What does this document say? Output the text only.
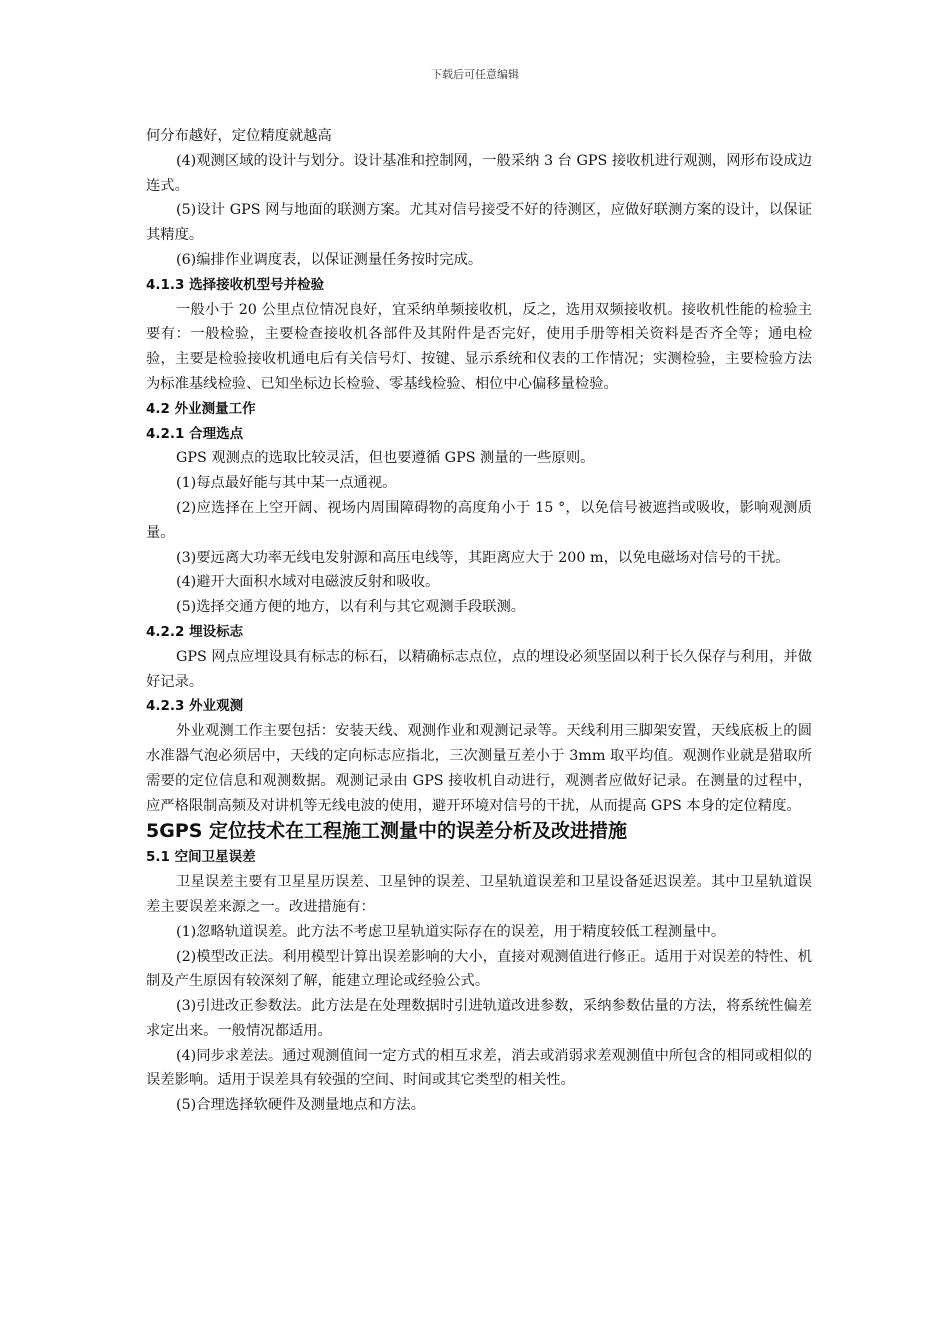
下载后可任意编辑

何分布越好，定位精度就越高

(4)观测区域的设计与划分。设计基准和控制网，一般采纳 3 台 GPS 接收机进行观测，网形布设成边连式。

(5)设计 GPS 网与地面的联测方案。尤其对信号接受不好的待测区，应做好联测方案的设计，以保证其精度。

(6)编排作业调度表，以保证测量任务按时完成。

4.1.3 选择接收机型号并检验

一般小于 20 公里点位情况良好，宜采纳单频接收机，反之，选用双频接收机。接收机性能的检验主要有：一般检验，主要检查接收机各部件及其附件是否完好，使用手册等相关资料是否齐全等；通电检验，主要是检验接收机通电后有关信号灯、按键、显示系统和仪表的工作情况；实测检验，主要检验方法为标准基线检验、已知坐标边长检验、零基线检验、相位中心偏移量检验。

4.2 外业测量工作

4.2.1 合理选点

GPS 观测点的选取比较灵活，但也要遵循 GPS 测量的一些原则。

(1)每点最好能与其中某一点通视。

(2)应选择在上空开阔、视场内周围障碍物的高度角小于 15 °，以免信号被遮挡或吸收，影响观测质量。

(3)要远离大功率无线电发射源和高压电线等，其距离应大于 200 m，以免电磁场对信号的干扰。

(4)避开大面积水域对电磁波反射和吸收。

(5)选择交通方便的地方，以有利与其它观测手段联测。

4.2.2 埋设标志

GPS 网点应埋设具有标志的标石，以精确标志点位，点的埋设必须坚固以利于长久保存与利用，并做好记录。

4.2.3 外业观测

外业观测工作主要包括：安装天线、观测作业和观测记录等。天线利用三脚架安置，天线底板上的圆水准器气泡必须居中，天线的定向标志应指北，三次测量互差小于 3mm 取平均值。观测作业就是猎取所需要的定位信息和观测数据。观测记录由 GPS 接收机自动进行，观测者应做好记录。在测量的过程中，应严格限制高频及对讲机等无线电波的使用，避开环境对信号的干扰，从而提高 GPS 本身的定位精度。

5GPS 定位技术在工程施工测量中的误差分析及改进措施

5.1 空间卫星误差

卫星误差主要有卫星星历误差、卫星钟的误差、卫星轨道误差和卫星设备延迟误差。其中卫星轨道误差主要误差来源之一。改进措施有：

(1)忽略轨道误差。此方法不考虑卫星轨道实际存在的误差，用于精度较低工程测量中。

(2)模型改正法。利用模型计算出误差影响的大小，直接对观测值进行修正。适用于对误差的特性、机制及产生原因有较深刻了解，能建立理论或经验公式。

(3)引进改正参数法。此方法是在处理数据时引进轨道改进参数，采纳参数估量的方法，将系统性偏差求定出来。一般情况都适用。

(4)同步求差法。通过观测值间一定方式的相互求差，消去或消弱求差观测值中所包含的相同或相似的误差影响。适用于误差具有较强的空间、时间或其它类型的相关性。

(5)合理选择软硬件及测量地点和方法。
